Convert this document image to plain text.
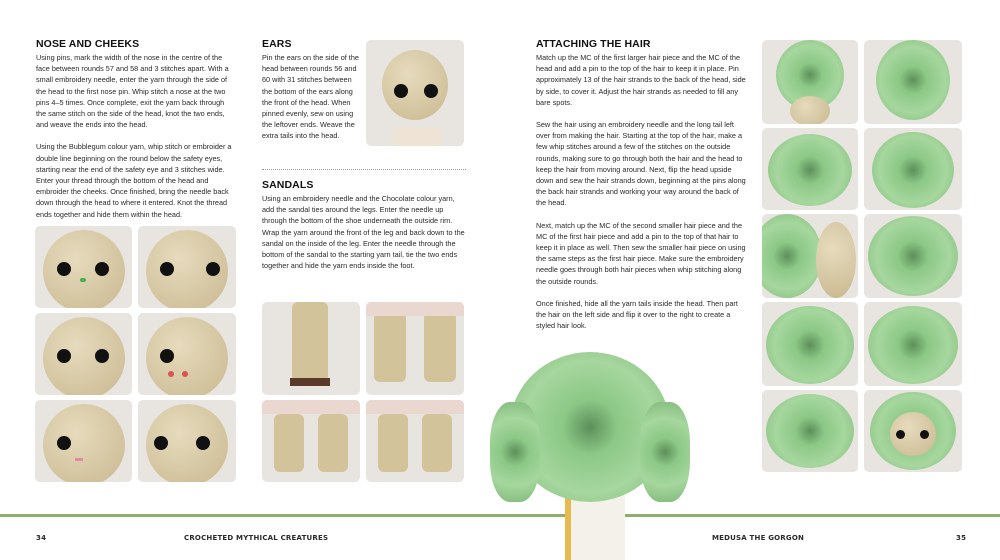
NOSE AND CHEEKS

Using pins, mark the width of the nose in the centre of the face between rounds 57 and 58 and 3 stitches apart. With a small embroidery needle, enter the yarn through the side of the head to the first nose pin. Whip stitch a nose at the two pins 4–5 times. Once complete, exit the yarn back through the same stitch on the side of the head, knot the two ends, and weave the ends into the head.

Using the Bubblegum colour yarn, whip stitch or embroider a double line beginning on the round below the safety eyes, starting near the end of the safety eye and 3 stitches wide. Enter your thread through the bottom of the head and embroider the cheeks. Once finished, bring the needle back down through the head to where it entered. Knot the thread ends together and hide them within the head.

EARS

Pin the ears on the side of the head between rounds 56 and 60 with 31 stitches between the bottom of the ears along the front of the head. When pinned evenly, sew on using the leftover ends. Weave the extra tails into the head.

SANDALS

Using an embroidery needle and the Chocolate colour yarn, add the sandal ties around the legs. Enter the needle up through the bottom of the shoe underneath the outside rim. Wrap the yarn around the front of the leg and back down to the sandal on the inside of the leg. Enter the needle through the bottom of the sandal to the starting yarn tail, tie the two ends together and hide the yarn ends inside the foot.

ATTACHING THE HAIR

Match up the MC of the first larger hair piece and the MC of the head and add a pin to the top of the hair to keep it in place. Pin approximately 13 of the hair strands to the back of the head, side by side, to cover it. Adjust the hair strands as needed to fill any bare spots.

Sew the hair using an embroidery needle and the long tail left over from making the hair. Starting at the top of the hair, make a few whip stitches around a few of the stitches on the outside rounds, making sure to go through both the hair and the head to keep the hair from moving around. Next, flip the head upside down and sew the hair strands down, beginning at the pins along the back hair strands and working your way around the back of the head.

Next, match up the MC of the second smaller hair piece and the MC of the first hair piece and add a pin to the top of that hair to keep it in place as well. Then sew the smaller hair piece on using the same steps as the first hair piece. Make sure the embroidery needle goes through both hair pieces when whip stitching along the outside rounds.

Once finished, hide all the yarn tails inside the head. Then part the hair on the left side and flip it over to the right to create a styled hair look.

34	CROCHETED MYTHICAL CREATURES	MEDUSA THE GORGON	35
